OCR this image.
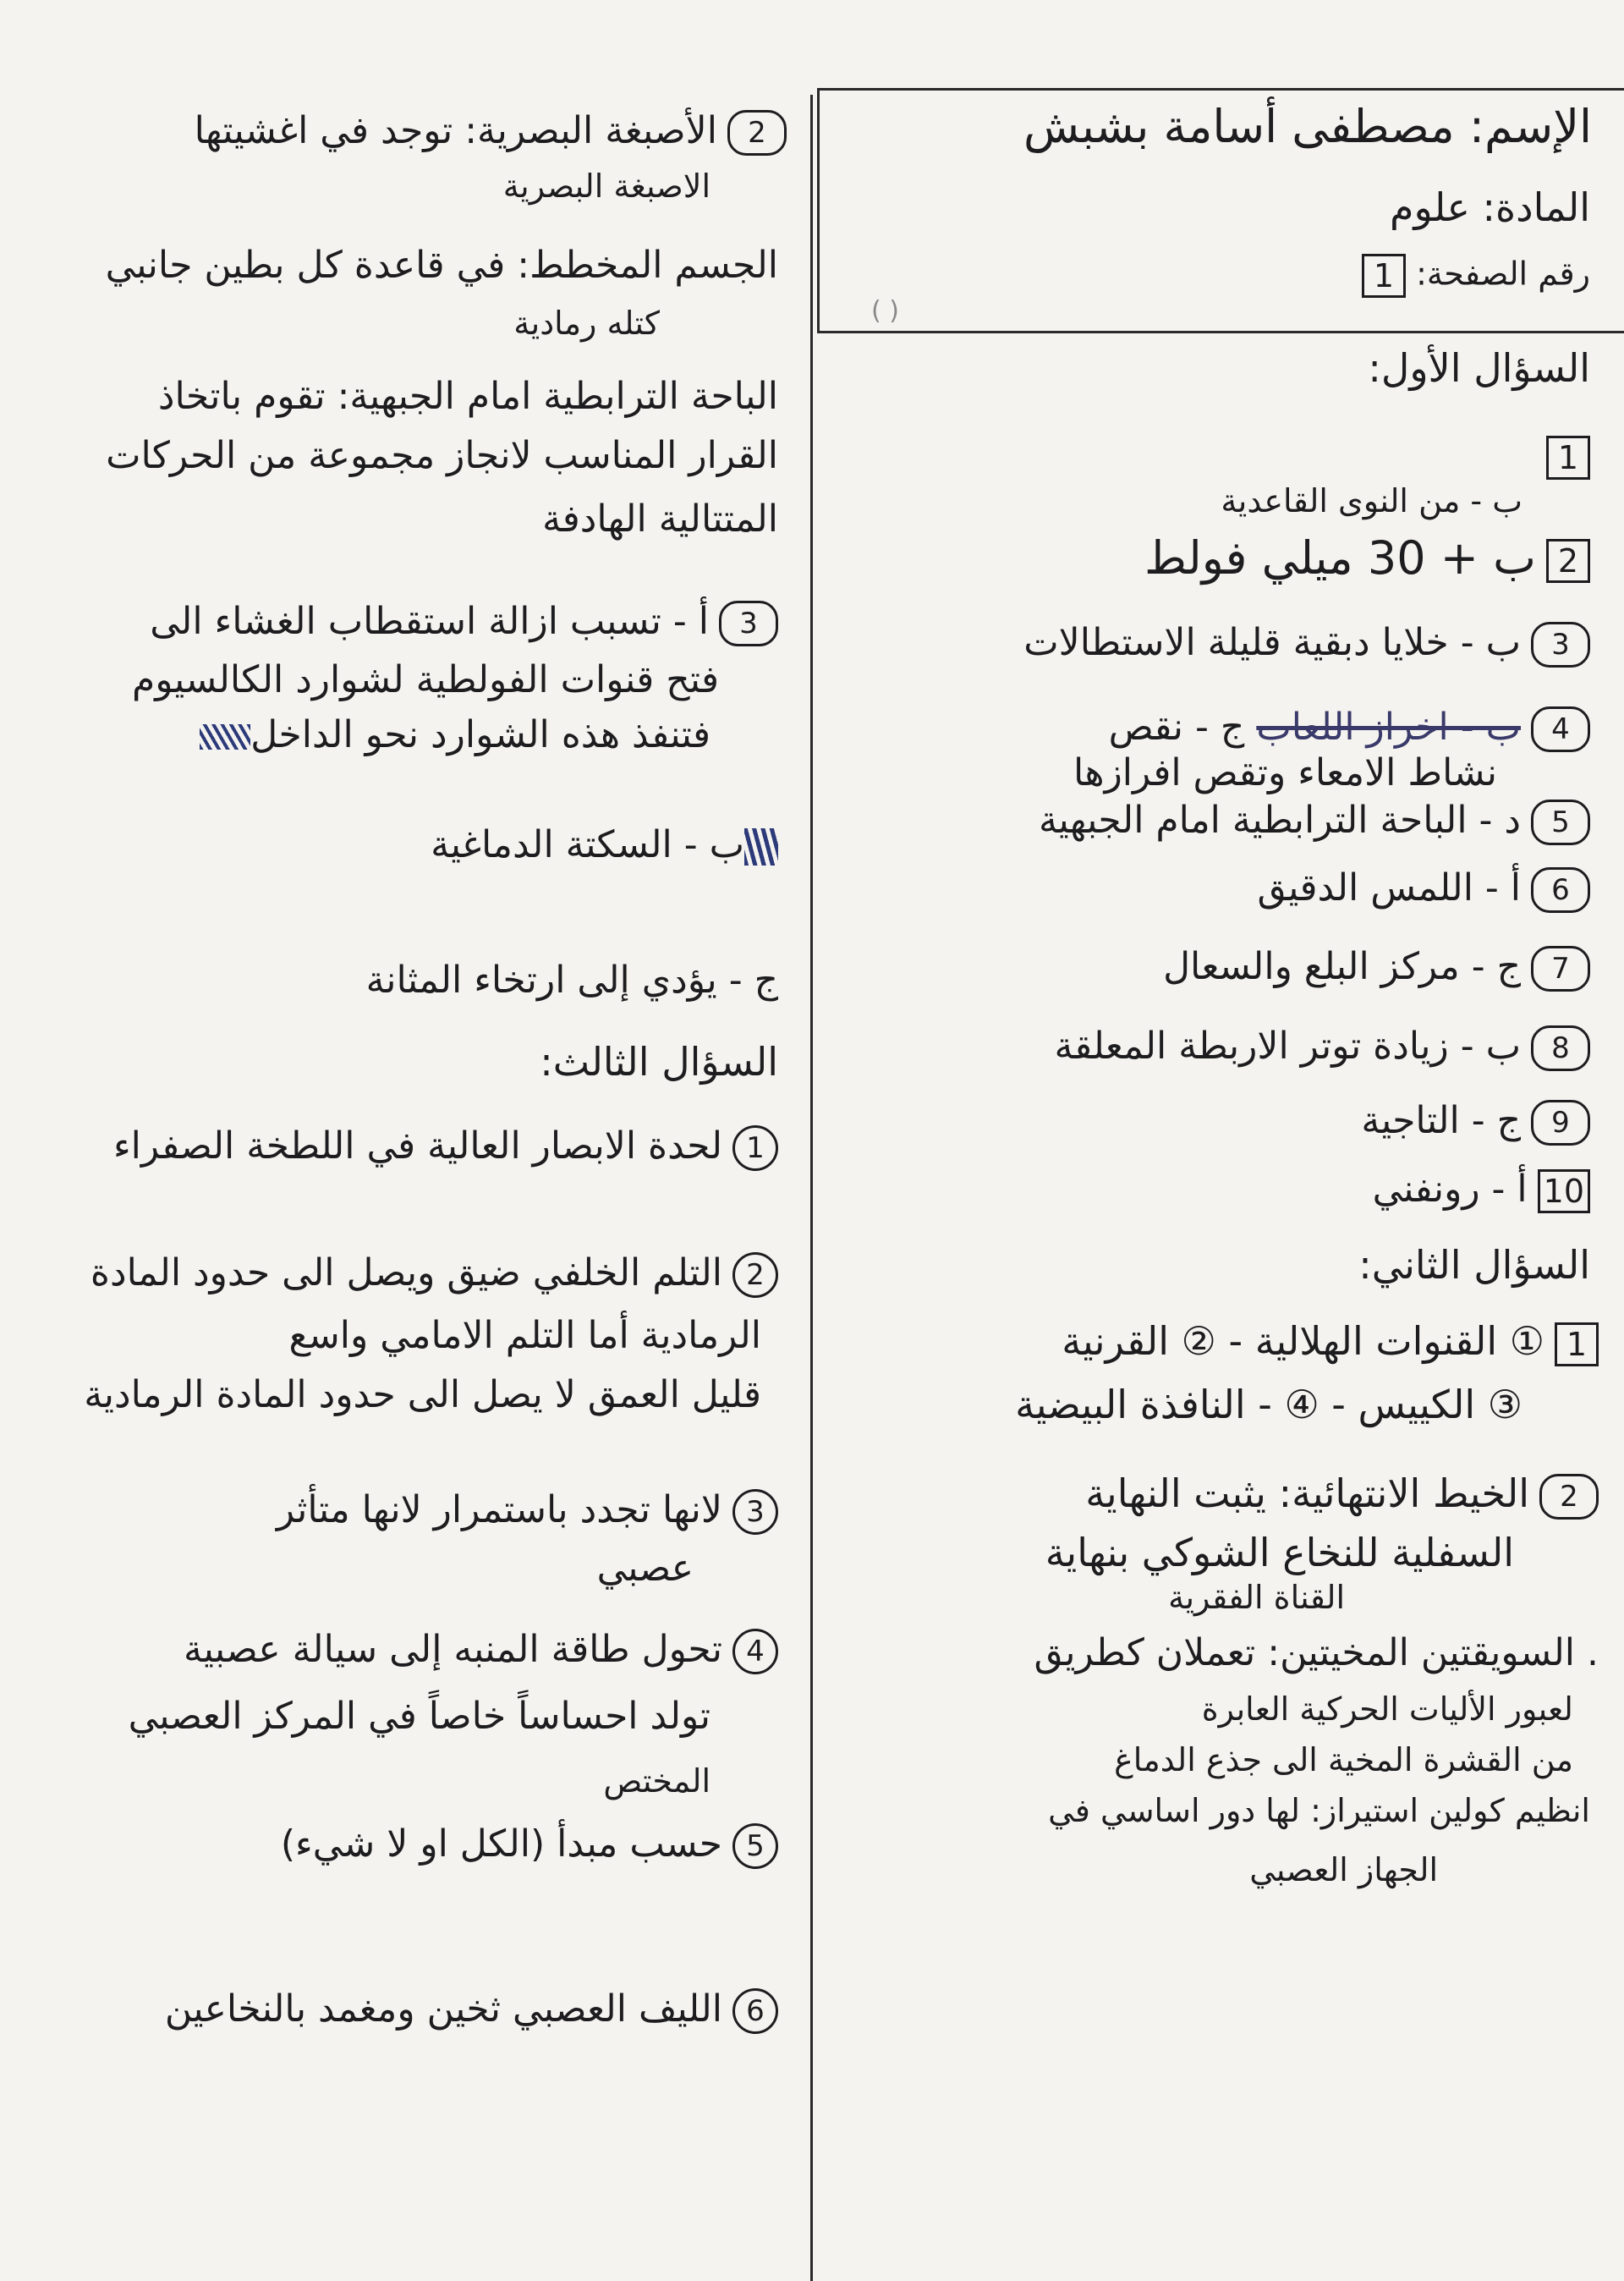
( )
الإسم: مصطفى أسامة بشبش
المادة: علوم
رقم الصفحة: 1
السؤال الأول:
1
ب - من النوى القاعدية
2ب + 30 ميلي فولط
3ب - خلايا دبقية قليلة الاستطالات
4ب - اخراز اللعاب ج - نقص
نشاط الامعاء وتقص افرازها
5د - الباحة الترابطية امام الجبهية
6أ - اللمس الدقيق
7ج - مركز البلع والسعال
8ب - زيادة توتر الاربطة المعلقة
9ج - التاجية
10أ - رونفني
السؤال الثاني:
1① القنوات الهلالية - ② القرنية
③ الكييس - ④ - النافذة البيضية
2الخيط الانتهائية: يثبت النهاية
السفلية للنخاع الشوكي بنهاية
القناة الفقرية
. السويقتين المخيتين: تعملان كطريق
لعبور الأليات الحركية العابرة
من القشرة المخية الى جذع الدماغ
انظيم كولين استيراز: لها دور اساسي في
الجهاز العصبي
2الأصبغة البصرية: توجد في اغشيتها
الاصبغة البصرية
الجسم المخطط: في قاعدة كل بطين جانبي
كتله رمادية
الباحة الترابطية امام الجبهية: تقوم باتخاذ
القرار المناسب لانجاز مجموعة من الحركات
المتتالية الهادفة
3أ - تسبب ازالة استقطاب الغشاء الى
فتح قنوات الفولطية لشوارد الكالسيوم
فتنفذ هذه الشوارد نحو الداخل
ب - السكتة الدماغية
ج - يؤدي إلى ارتخاء المثانة
السؤال الثالث:
1لحدة الابصار العالية في اللطخة الصفراء
2التلم الخلفي ضيق ويصل الى حدود المادة
الرمادية أما التلم الامامي واسع
قليل العمق لا يصل الى حدود المادة الرمادية
3لانها تجدد باستمرار لانها متأثر
عصبي
4تحول طاقة المنبه إلى سيالة عصبية
تولد احساساً خاصاً في المركز العصبي
المختص
5حسب مبدأ (الكل او لا شيء)
6الليف العصبي ثخين ومغمد بالنخاعين
